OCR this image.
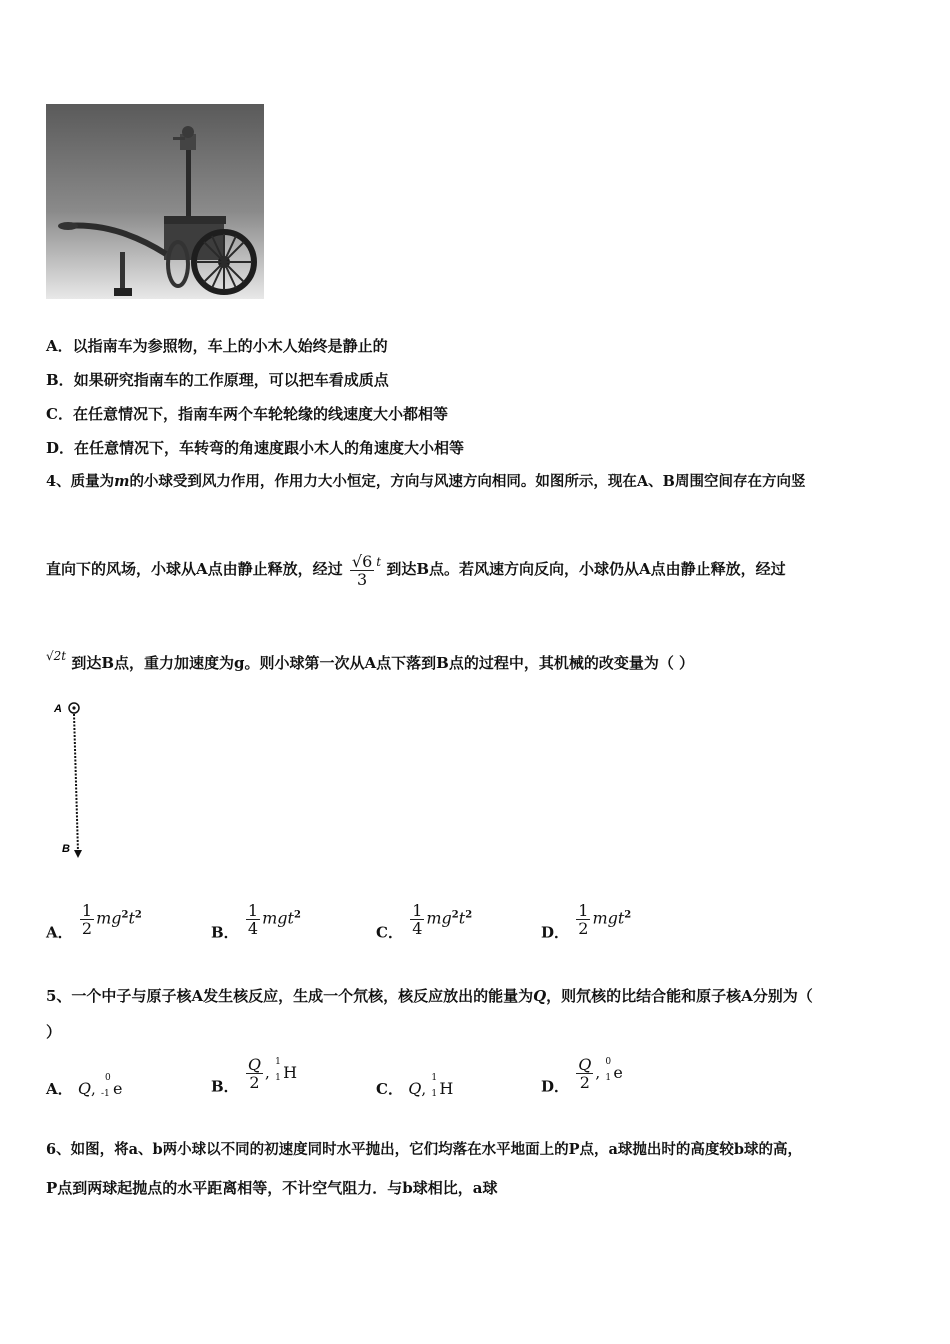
A．以指南车为参照物，车上的小木人始终是静止的
B．如果研究指南车的工作原理，可以把车看成质点
C．在任意情况下，指南车两个车轮轮缘的线速度大小都相等
D．在任意情况下，车转弯的角速度跟小木人的角速度大小相等
4、质量为m的小球受到风力作用，作用力大小恒定，方向与风速方向相同。如图所示，现在A、B周围空间存在方向竖
直向下的风场，小球从A点由静止释放，经过 $\frac{√6}{3} ^t$ 到达B点。若风速方向反向，小球仍从A点由静止释放，经过
$^{√2t}$ 到达B点，重力加速度为g。则小球第一次从A点下落到B点的过程中，其机械的改变量为（ ）
A
B
A． $\frac{1}{2} mg^2t^2$
B． $\frac{1}{4} mgt^2$
C． $\frac{1}{4} mg^2t^2$
D． $\frac{1}{2} mgt^2$
5、一个中子与原子核A发生核反应，生成一个氘核，核反应放出的能量为Q，则氘核的比结合能和原子核A分别为（
）
A． Q,
0
-1 e	B． $\frac{Q}{2}$ ,
1
1 H
C． Q,
1
1 H	D． $\frac{Q}{2}$ ,
0
1 e
6、如图，将a、b两小球以不同的初速度同时水平抛出，它们均落在水平地面上的P点，a球抛出时的高度较b球的高，
P点到两球起抛点的水平距离相等，不计空气阻力．与b球相比，a球
